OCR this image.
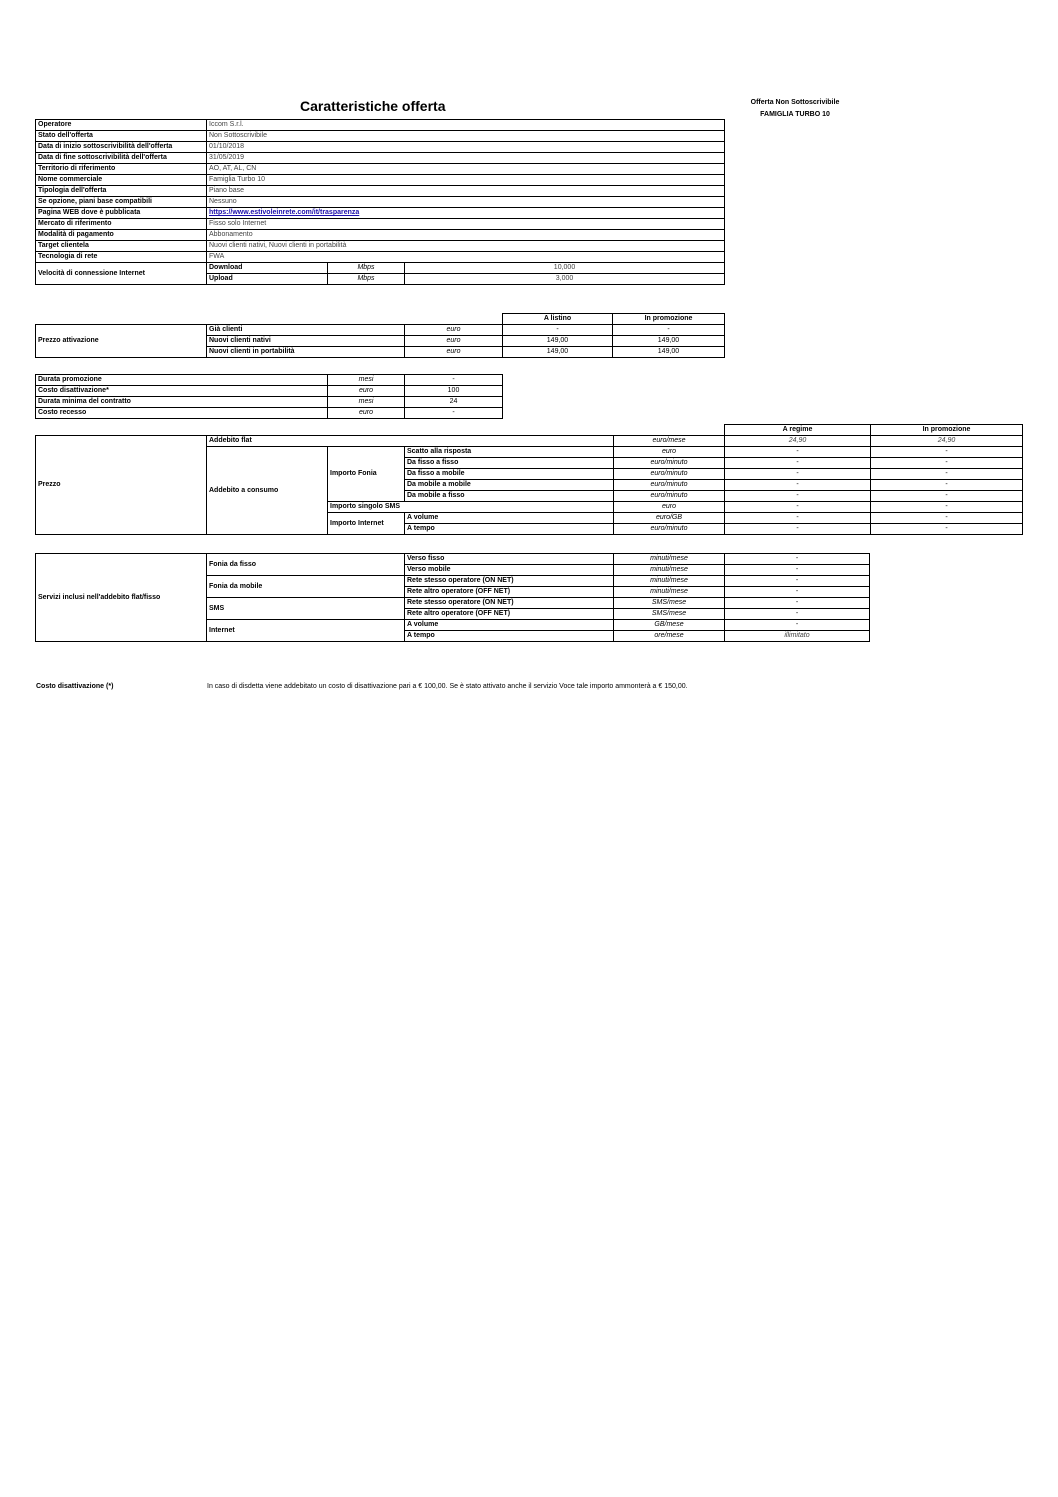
Caratteristiche offerta	Offerta Non Sottoscrivibile
FAMIGLIA TURBO 10
Operatore	Iccom S.r.l.		
Stato dell'offerta	Non Sottoscrivibile		
Data di inizio sottoscrivibilità dell'offerta	01/10/2018		
Data di fine sottoscrivibilità dell'offerta	31/05/2019		
Territorio di riferimento	AO, AT, AL, CN		
Nome commerciale	Famiglia Turbo 10		
Tipologia dell'offerta	Piano base		
Se opzione, piani base compatibili	Nessuno		
Pagina WEB dove è pubblicata	https://www.estivoleinrete.com/it/trasparenza		
Mercato di riferimento	Fisso solo Internet		
Modalità di pagamento	Abbonamento		
Target clientela	Nuovi clienti nativi, Nuovi clienti in portabilità		
Tecnologia di rete	FWA		
Velocità di connessione Internet	Download	Mbps	10,000
	Upload	Mbps	3,000
			A listino	In promozione
Prezzo attivazione	Già clienti	euro	-	-
	Nuovi clienti nativi	euro	149,00	149,00
	Nuovi clienti in portabilità	euro	149,00	149,00
Durata promozione	mesi	-
Costo disattivazione*	euro	100
Durata minima del contratto	mesi	24
Costo recesso	euro	-
					A regime	In promozione
Prezzo	Addebito flat			euro/mese	24,90	24,90
	Addebito a consumo	Importo Fonia	Scatto alla risposta	euro	-	-
			Da fisso a fisso	euro/minuto	-	-
			Da fisso a mobile	euro/minuto	-	-
			Da mobile a mobile	euro/minuto	-	-
			Da mobile a fisso	euro/minuto	-	-
		Importo singolo SMS		euro	-	-
		Importo Internet	A volume	euro/GB	-	-
			A tempo	euro/minuto	-	-
Servizi inclusi nell'addebito flat/fisso	Fonia da fisso	Verso fisso	minuti/mese	-
		Verso mobile	minuti/mese	-
	Fonia da mobile	Rete stesso operatore (ON NET)	minuti/mese	-
		Rete altro operatore (OFF NET)	minuti/mese	-
	SMS	Rete stesso operatore (ON NET)	SMS/mese	-
		Rete altro operatore (OFF NET)	SMS/mese	-
	Internet	A volume	GB/mese	-
		A tempo	ore/mese	illimitato
Costo disattivazione (*)	In caso di disdetta viene addebitato un costo di disattivazione pari a € 100,00. Se è stato attivato anche il servizio Voce tale importo ammonterà a € 150,00.
